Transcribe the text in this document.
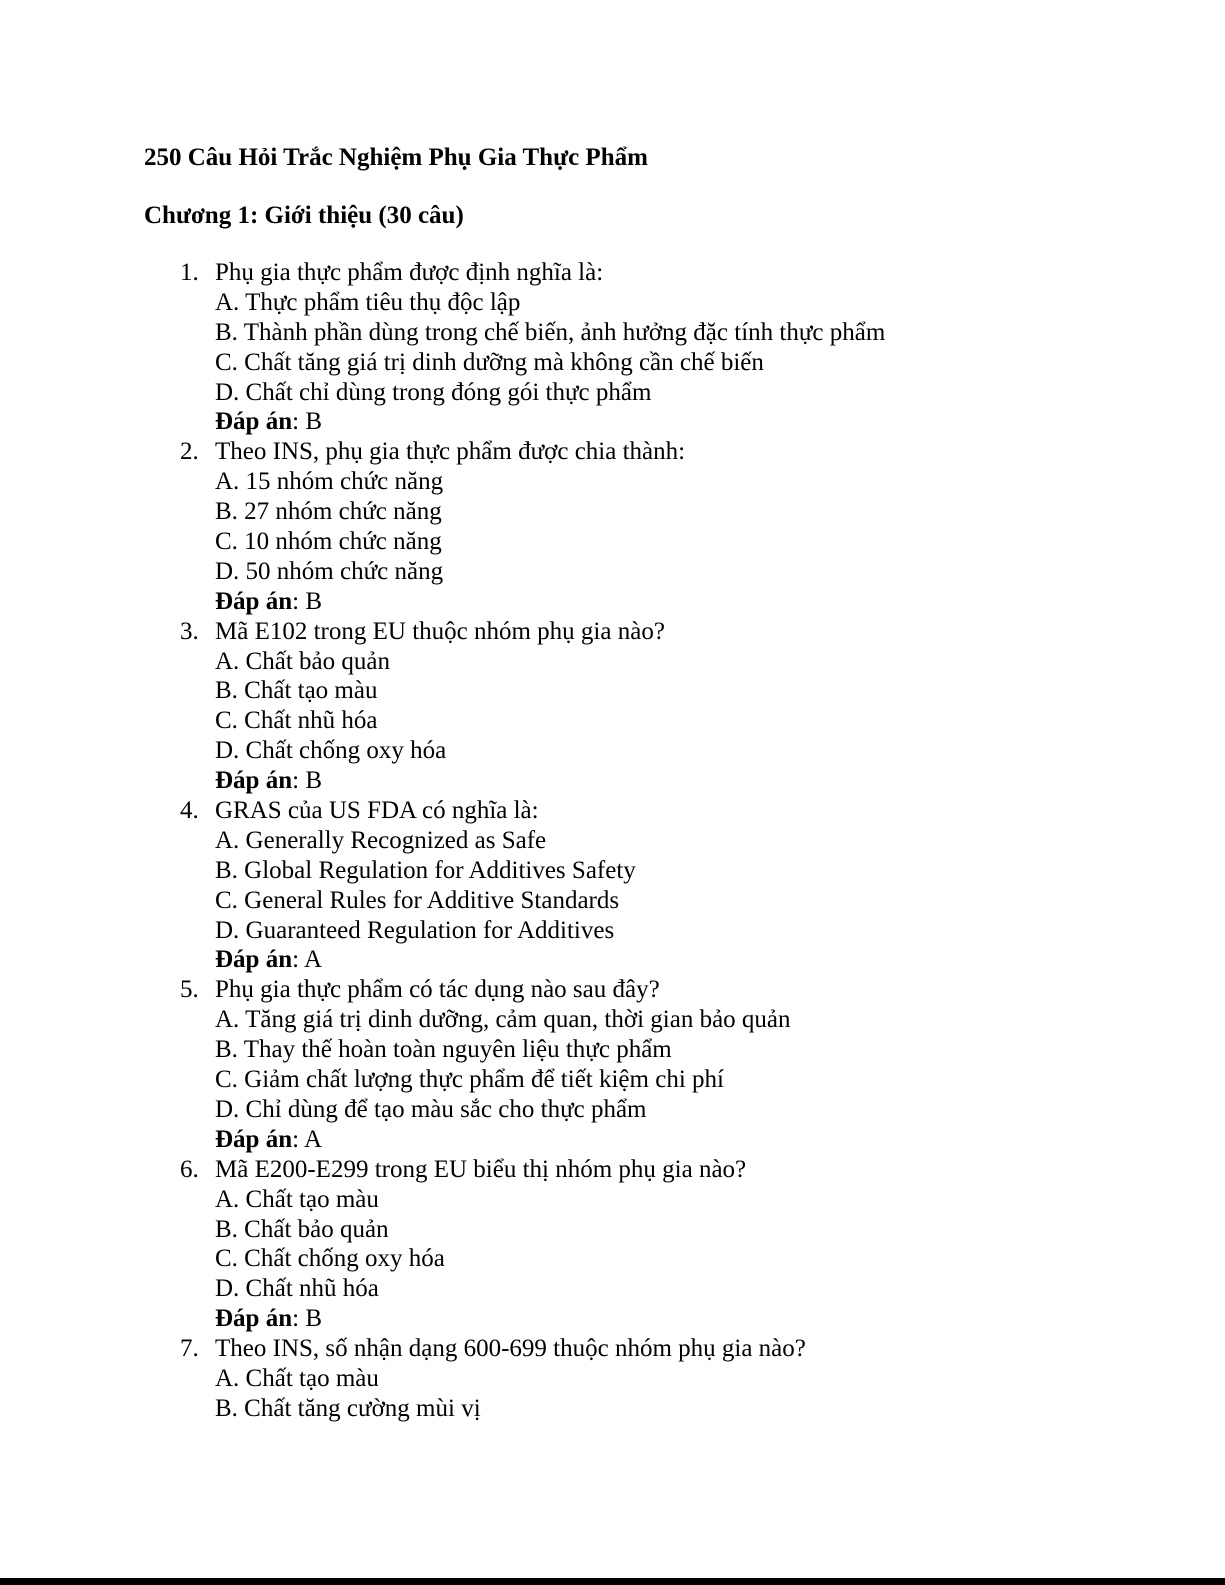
250 Câu Hỏi Trắc Nghiệm Phụ Gia Thực Phẩm
Chương 1: Giới thiệu (30 câu)
1. Phụ gia thực phẩm được định nghĩa là:
A. Thực phẩm tiêu thụ độc lập
B. Thành phần dùng trong chế biến, ảnh hưởng đặc tính thực phẩm
C. Chất tăng giá trị dinh dưỡng mà không cần chế biến
D. Chất chỉ dùng trong đóng gói thực phẩm
Đáp án: B
2. Theo INS, phụ gia thực phẩm được chia thành:
A. 15 nhóm chức năng
B. 27 nhóm chức năng
C. 10 nhóm chức năng
D. 50 nhóm chức năng
Đáp án: B
3. Mã E102 trong EU thuộc nhóm phụ gia nào?
A. Chất bảo quản
B. Chất tạo màu
C. Chất nhũ hóa
D. Chất chống oxy hóa
Đáp án: B
4. GRAS của US FDA có nghĩa là:
A. Generally Recognized as Safe
B. Global Regulation for Additives Safety
C. General Rules for Additive Standards
D. Guaranteed Regulation for Additives
Đáp án: A
5. Phụ gia thực phẩm có tác dụng nào sau đây?
A. Tăng giá trị dinh dưỡng, cảm quan, thời gian bảo quản
B. Thay thế hoàn toàn nguyên liệu thực phẩm
C. Giảm chất lượng thực phẩm để tiết kiệm chi phí
D. Chỉ dùng để tạo màu sắc cho thực phẩm
Đáp án: A
6. Mã E200-E299 trong EU biểu thị nhóm phụ gia nào?
A. Chất tạo màu
B. Chất bảo quản
C. Chất chống oxy hóa
D. Chất nhũ hóa
Đáp án: B
7. Theo INS, số nhận dạng 600-699 thuộc nhóm phụ gia nào?
A. Chất tạo màu
B. Chất tăng cường mùi vị
